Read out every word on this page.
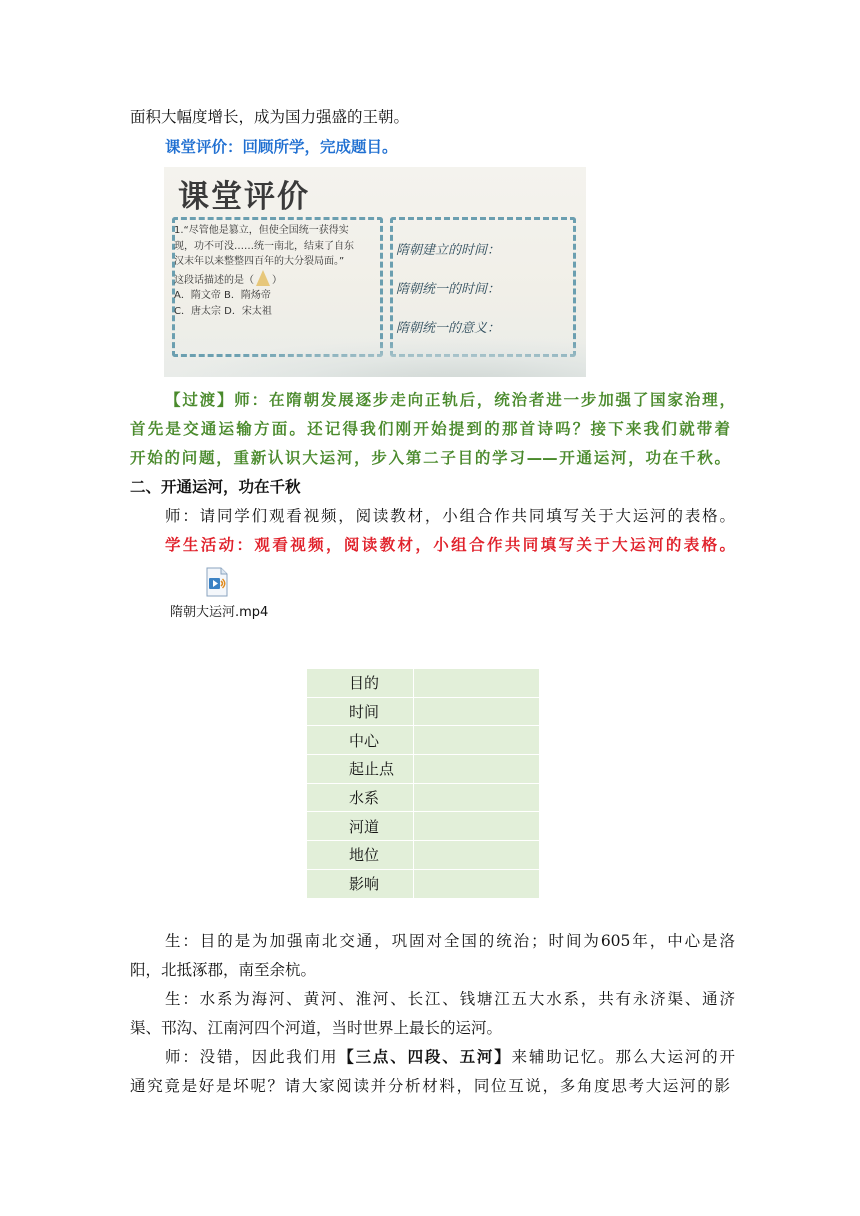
面积大幅度增长，成为国力强盛的王朝。
课堂评价：回顾所学，完成题目。
课堂评价
1.“尽管他是篡立，但使全国统一获得实
现，功不可没……统一南北，结束了自东
汉末年以来整整四百年的大分裂局面。”
这段话描述的是（ ）
A．隋文帝 B．隋炀帝
C．唐太宗 D．宋太祖
隋朝建立的时间：
隋朝统一的时间：
隋朝统一的意义：
【过渡】师：在隋朝发展逐步走向正轨后，统治者进一步加强了国家治理，
首先是交通运输方面。还记得我们刚开始提到的那首诗吗？接下来我们就带着
开始的问题，重新认识大运河，步入第二子目的学习——开通运河，功在千秋。
二、开通运河，功在千秋
师：请同学们观看视频，阅读教材，小组合作共同填写关于大运河的表格。
学生活动：观看视频，阅读教材，小组合作共同填写关于大运河的表格。
隋朝大运河.mp4
目的	
时间	
中心	
起止点	
水系	
河道	
地位	
影响	
生：目的是为加强南北交通，巩固对全国的统治；时间为605年，中心是洛
阳，北抵涿郡，南至余杭。
生：水系为海河、黄河、淮河、长江、钱塘江五大水系，共有永济渠、通济
渠、邗沟、江南河四个河道，当时世界上最长的运河。
师：没错，因此我们用【三点、四段、五河】来辅助记忆。那么大运河的开
通究竟是好是坏呢？请大家阅读并分析材料，同位互说，多角度思考大运河的影
